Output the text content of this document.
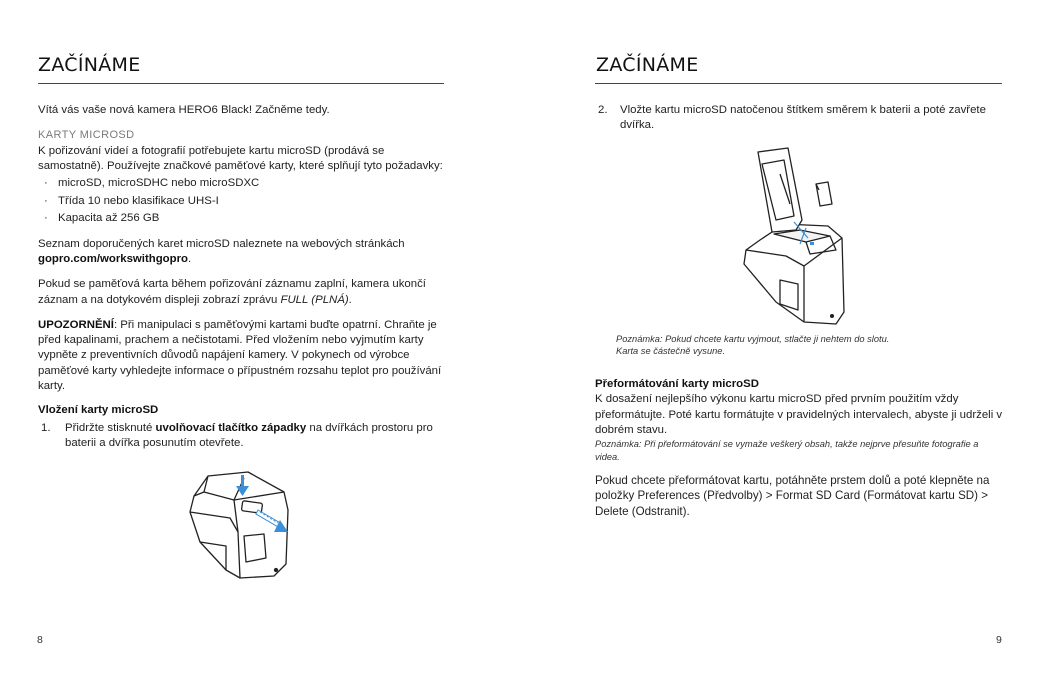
ZAČÍNÁME

Vítá vás vaše nová kamera HERO6 Black! Začněme tedy.

KARTY MICROSD

K pořizování videí a fotografií potřebujete kartu microSD (prodává se samostatně). Používejte značkové paměťové karty, které splňují tyto požadavky:

· microSD, microSDHC nebo microSDXC
· Třída 10 nebo klasifikace UHS-I
· Kapacita až 256 GB

Seznam doporučených karet microSD naleznete na webových stránkách gopro.com/workswithgopro.

Pokud se paměťová karta během pořizování záznamu zaplní, kamera ukončí záznam a na dotykovém displeji zobrazí zprávu FULL (PLNÁ).

UPOZORNĚNÍ: Při manipulaci s paměťovými kartami buďte opatrní. Chraňte je před kapalinami, prachem a nečistotami. Před vložením nebo vyjmutím karty vypněte z preventivních důvodů napájení kamery. V pokynech od výrobce paměťové karty vyhledejte informace o přípustném rozsahu teplot pro používání karty.

Vložení karty microSD

1.	Přidržte stisknuté uvolňovací tlačítko západky na dvířkách prostoru pro baterii a dvířka posunutím otevřete.
8
ZAČÍNÁME
2.	Vložte kartu microSD natočenou štítkem směrem k baterii a poté zavřete dvířka.
Poznámka: Pokud chcete kartu vyjmout, stlačte ji nehtem do slotu.
Karta se částečně vysune.

Přeformátování karty microSD

K dosažení nejlepšího výkonu kartu microSD před prvním použitím vždy přeformátujte. Poté kartu formátujte v pravidelných intervalech, abyste ji udrželi v dobrém stavu.

Poznámka: Při přeformátování se vymaže veškerý obsah, takže nejprve přesuňte fotografie a videa.

Pokud chcete přeformátovat kartu, potáhněte prstem dolů a poté klepněte na položky Preferences (Předvolby) > Format SD Card (Formátovat kartu SD) > Delete (Odstranit).

9
